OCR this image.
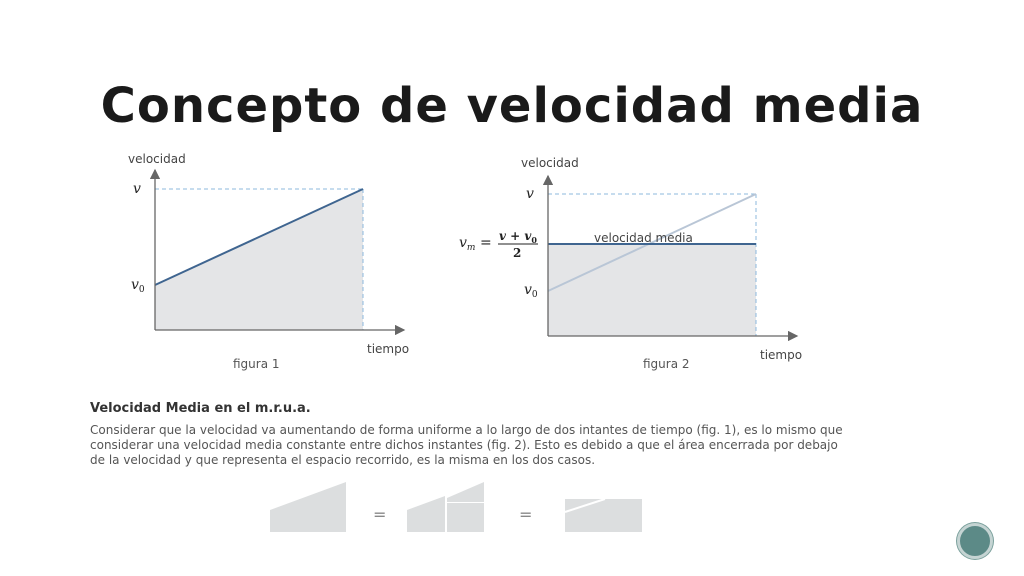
Concepto de velocidad media
velocidad
tiempo
v
$v_0$
figura 1
velocidad
tiempo
v
$v_0$
velocidad media
$v_m = v + v_0$
2
figura 2
=	=
Velocidad Media en el m.r.u.a.

Considerar que la velocidad va aumentando de forma uniforme a lo largo de dos intantes de tiempo (fig. 1), es lo mismo que considerar una velocidad media constante entre dichos instantes (fig. 2). Esto es debido a que el área encerrada por debajo de la velocidad y que representa el espacio recorrido, es la misma en los dos casos.
